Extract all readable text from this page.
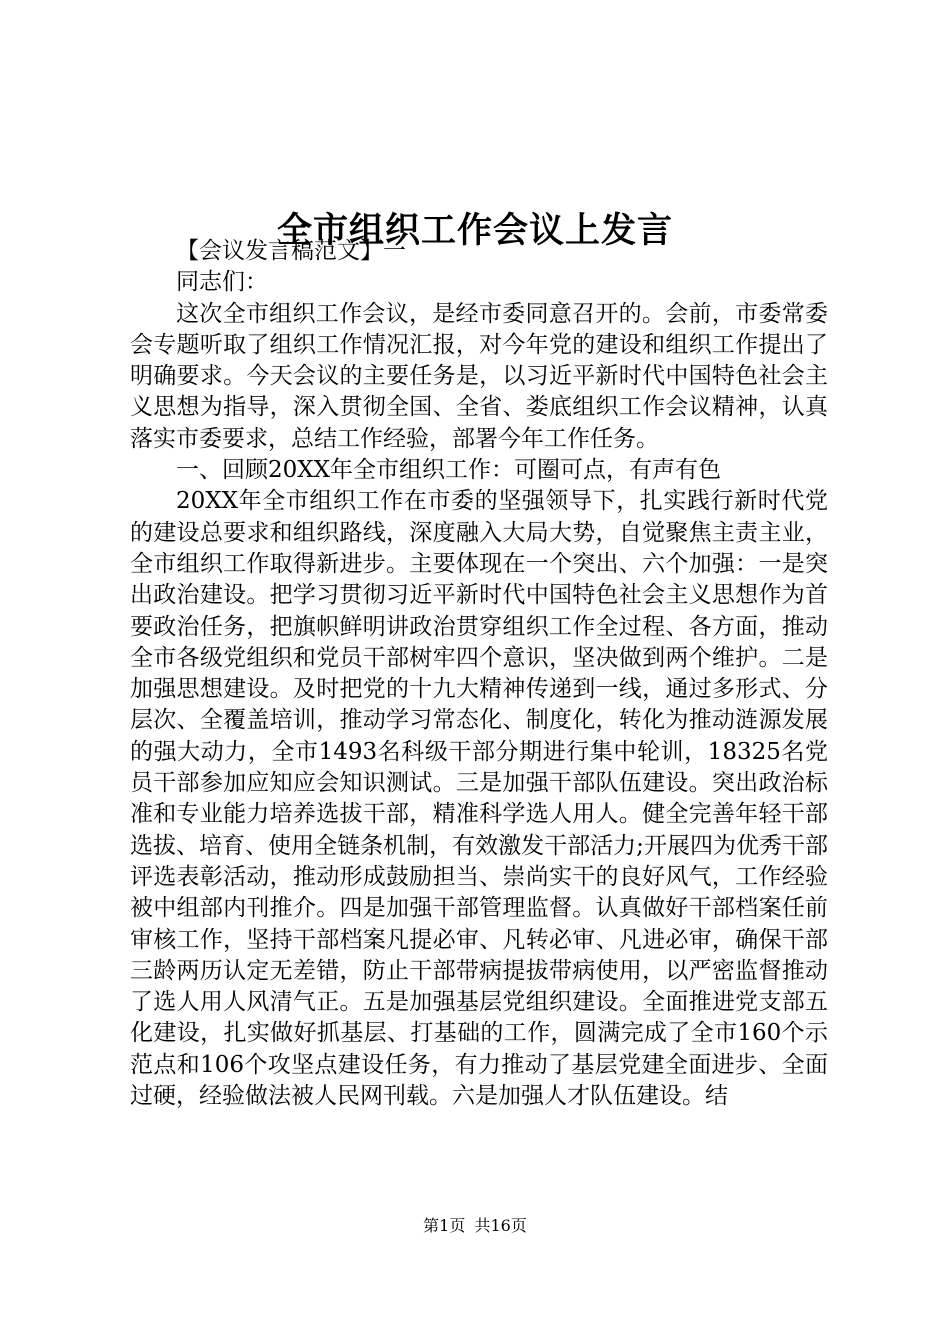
全市组织工作会议上发言

【会议发言稿范文】一

同志们：

这次全市组织工作会议，是经市委同意召开的。会前，市委常委会专题听取了组织工作情况汇报，对今年党的建设和组织工作提出了明确要求。今天会议的主要任务是，以习近平新时代中国特色社会主义思想为指导，深入贯彻全国、全省、娄底组织工作会议精神，认真落实市委要求，总结工作经验，部署今年工作任务。

一、回顾20XX年全市组织工作：可圈可点，有声有色

20XX年全市组织工作在市委的坚强领导下，扎实践行新时代党的建设总要求和组织路线，深度融入大局大势，自觉聚焦主责主业，全市组织工作取得新进步。主要体现在一个突出、六个加强：一是突出政治建设。把学习贯彻习近平新时代中国特色社会主义思想作为首要政治任务，把旗帜鲜明讲政治贯穿组织工作全过程、各方面，推动全市各级党组织和党员干部树牢四个意识，坚决做到两个维护。二是加强思想建设。及时把党的十九大精神传递到一线，通过多形式、分层次、全覆盖培训，推动学习常态化、制度化，转化为推动涟源发展的强大动力，全市1493名科级干部分期进行集中轮训，18325名党员干部参加应知应会知识测试。三是加强干部队伍建设。突出政治标准和专业能力培养选拔干部，精准科学选人用人。健全完善年轻干部选拔、培育、使用全链条机制，有效激发干部活力;开展四为优秀干部评选表彰活动，推动形成鼓励担当、崇尚实干的良好风气，工作经验被中组部内刊推介。四是加强干部管理监督。认真做好干部档案任前审核工作，坚持干部档案凡提必审、凡转必审、凡进必审，确保干部三龄两历认定无差错，防止干部带病提拔带病使用，以严密监督推动了选人用人风清气正。五是加强基层党组织建设。全面推进党支部五化建设，扎实做好抓基层、打基础的工作，圆满完成了全市160个示范点和106个攻坚点建设任务，有力推动了基层党建全面进步、全面过硬，经验做法被人民网刊载。六是加强人才队伍建设。结

第1页 共16页
